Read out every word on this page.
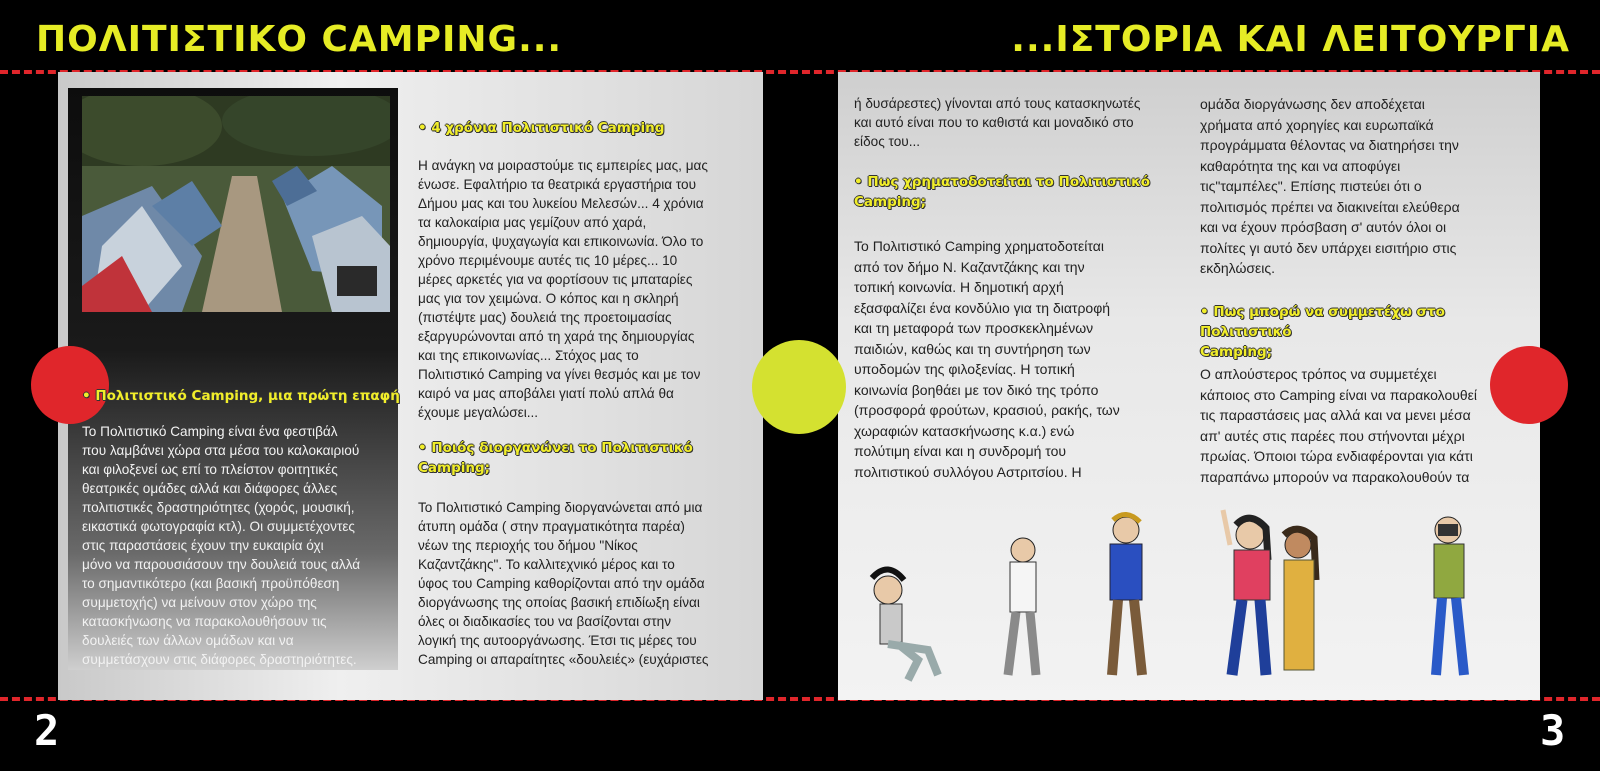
ΠΟΛΙΤΙΣΤΙΚΟ CAMPING...	...ΙΣΤΟΡΙΑ ΚΑΙ ΛΕΙΤΟΥΡΓΙΑ
• Πολιτιστικό Camping, μια πρώτη επαφή
Το Πολιτιστικό Camping είναι ένα φεστιβάλ
που λαμβάνει χώρα στα μέσα του καλοκαιριού
και φιλοξενεί ως επί το πλείστον φοιτητικές
θεατρικές ομάδες αλλά και διάφορες άλλες
πολιτιστικές δραστηριότητες (χορός, μουσική,
εικαστικά φωτογραφία κτλ). Οι συμμετέχοντες
στις παραστάσεις έχουν την ευκαιρία όχι
μόνο να παρουσιάσουν την δουλειά τους αλλά
το σημαντικότερο (και βασική προϋπόθεση
συμμετοχής) να μείνουν στον χώρο της
κατασκήνωσης να παρακολουθήσουν τις
δουλειές των άλλων ομάδων και να
συμμετάσχουν στις διάφορες δραστηριότητες.
• 4 χρόνια Πολιτιστικό Camping
Η ανάγκη να μοιραστούμε τις εμπειρίες μας, μας
ένωσε. Εφαλτήριο τα θεατρικά εργαστήρια του
Δήμου μας και του λυκείου Μελεσών... 4 χρόνια
τα καλοκαίρια μας γεμίζουν από χαρά,
δημιουργία, ψυχαγωγία και επικοινωνία. Όλο το
χρόνο περιμένουμε αυτές τις 10 μέρες... 10
μέρες αρκετές για να φορτίσουν τις μπαταρίες
μας για τον χειμώνα. Ο κόπος και η σκληρή
(πιστέψτε μας) δουλειά της προετοιμασίας
εξαργυρώνονται από τη χαρά της δημιουργίας
και της επικοινωνίας... Στόχος μας το
Πολιτιστικό Camping να γίνει θεσμός και με τον
καιρό να μας αποβάλει γιατί πολύ απλά θα
έχουμε μεγαλώσει...
• Ποιός διοργανώνει το Πολιτιστικό
Camping;
Το Πολιτιστικό Camping διοργανώνεται από μια
άτυπη ομάδα ( στην πραγματικότητα παρέα)
νέων της περιοχής του δήμου "Νίκος
Καζαντζάκης". Το καλλιτεχνικό μέρος και το
ύφος του Camping καθορίζονται από την ομάδα
διοργάνωσης της οποίας βασική επιδίωξη είναι
όλες οι διαδικασίες του να βασίζονται στην
λογική της αυτοοργάνωσης. Έτσι τις μέρες του
Camping οι απαραίτητες «δουλειές» (ευχάριστες
ή δυσάρεστες) γίνονται από τους κατασκηνωτές
και αυτό είναι που το καθιστά και μοναδικό στο
είδος του...
• Πως χρηματοδοτείται το Πολιτιστικό
Camping;
Το Πολιτιστικό Camping χρηματοδοτείται
από τον δήμο Ν. Καζαντζάκης και την
τοπική κοινωνία. Η δημοτική αρχή
εξασφαλίζει ένα κονδύλιο για τη διατροφή
και τη μεταφορά των προσκεκλημένων
παιδιών, καθώς και τη συντήρηση των
υποδομών της φιλοξενίας. Η τοπική
κοινωνία βοηθάει με τον δικό της τρόπο
(προσφορά φρούτων, κρασιού, ρακής, των
χωραφιών κατασκήνωσης κ.α.) ενώ
πολύτιμη είναι και η συνδρομή του
πολιτιστικού συλλόγου Αστριτσίου. Η
ομάδα διοργάνωσης δεν αποδέχεται
χρήματα από χορηγίες και ευρωπαϊκά
προγράμματα θέλοντας να διατηρήσει την
καθαρότητα της και να αποφύγει
τις"ταμπέλες". Επίσης πιστεύει ότι ο
πολιτισμός πρέπει να διακινείται ελεύθερα
και να έχουν πρόσβαση σ' αυτόν όλοι οι
πολίτες γι αυτό δεν υπάρχει εισιτήριο στις
εκδηλώσεις.
• Πως μπορώ να συμμετέχω στο Πολιτιστικό
Camping;
Ο απλούστερος τρόπος να συμμετέχει
κάποιος στο Camping είναι να παρακολουθεί
τις παραστάσεις μας αλλά και να μενει μέσα
απ' αυτές στις παρέες που στήνονται μέχρι
πρωίας. Όποιοι τώρα ενδιαφέρονται για κάτι
παραπάνω μπορούν να παρακολουθούν τα
2	3
